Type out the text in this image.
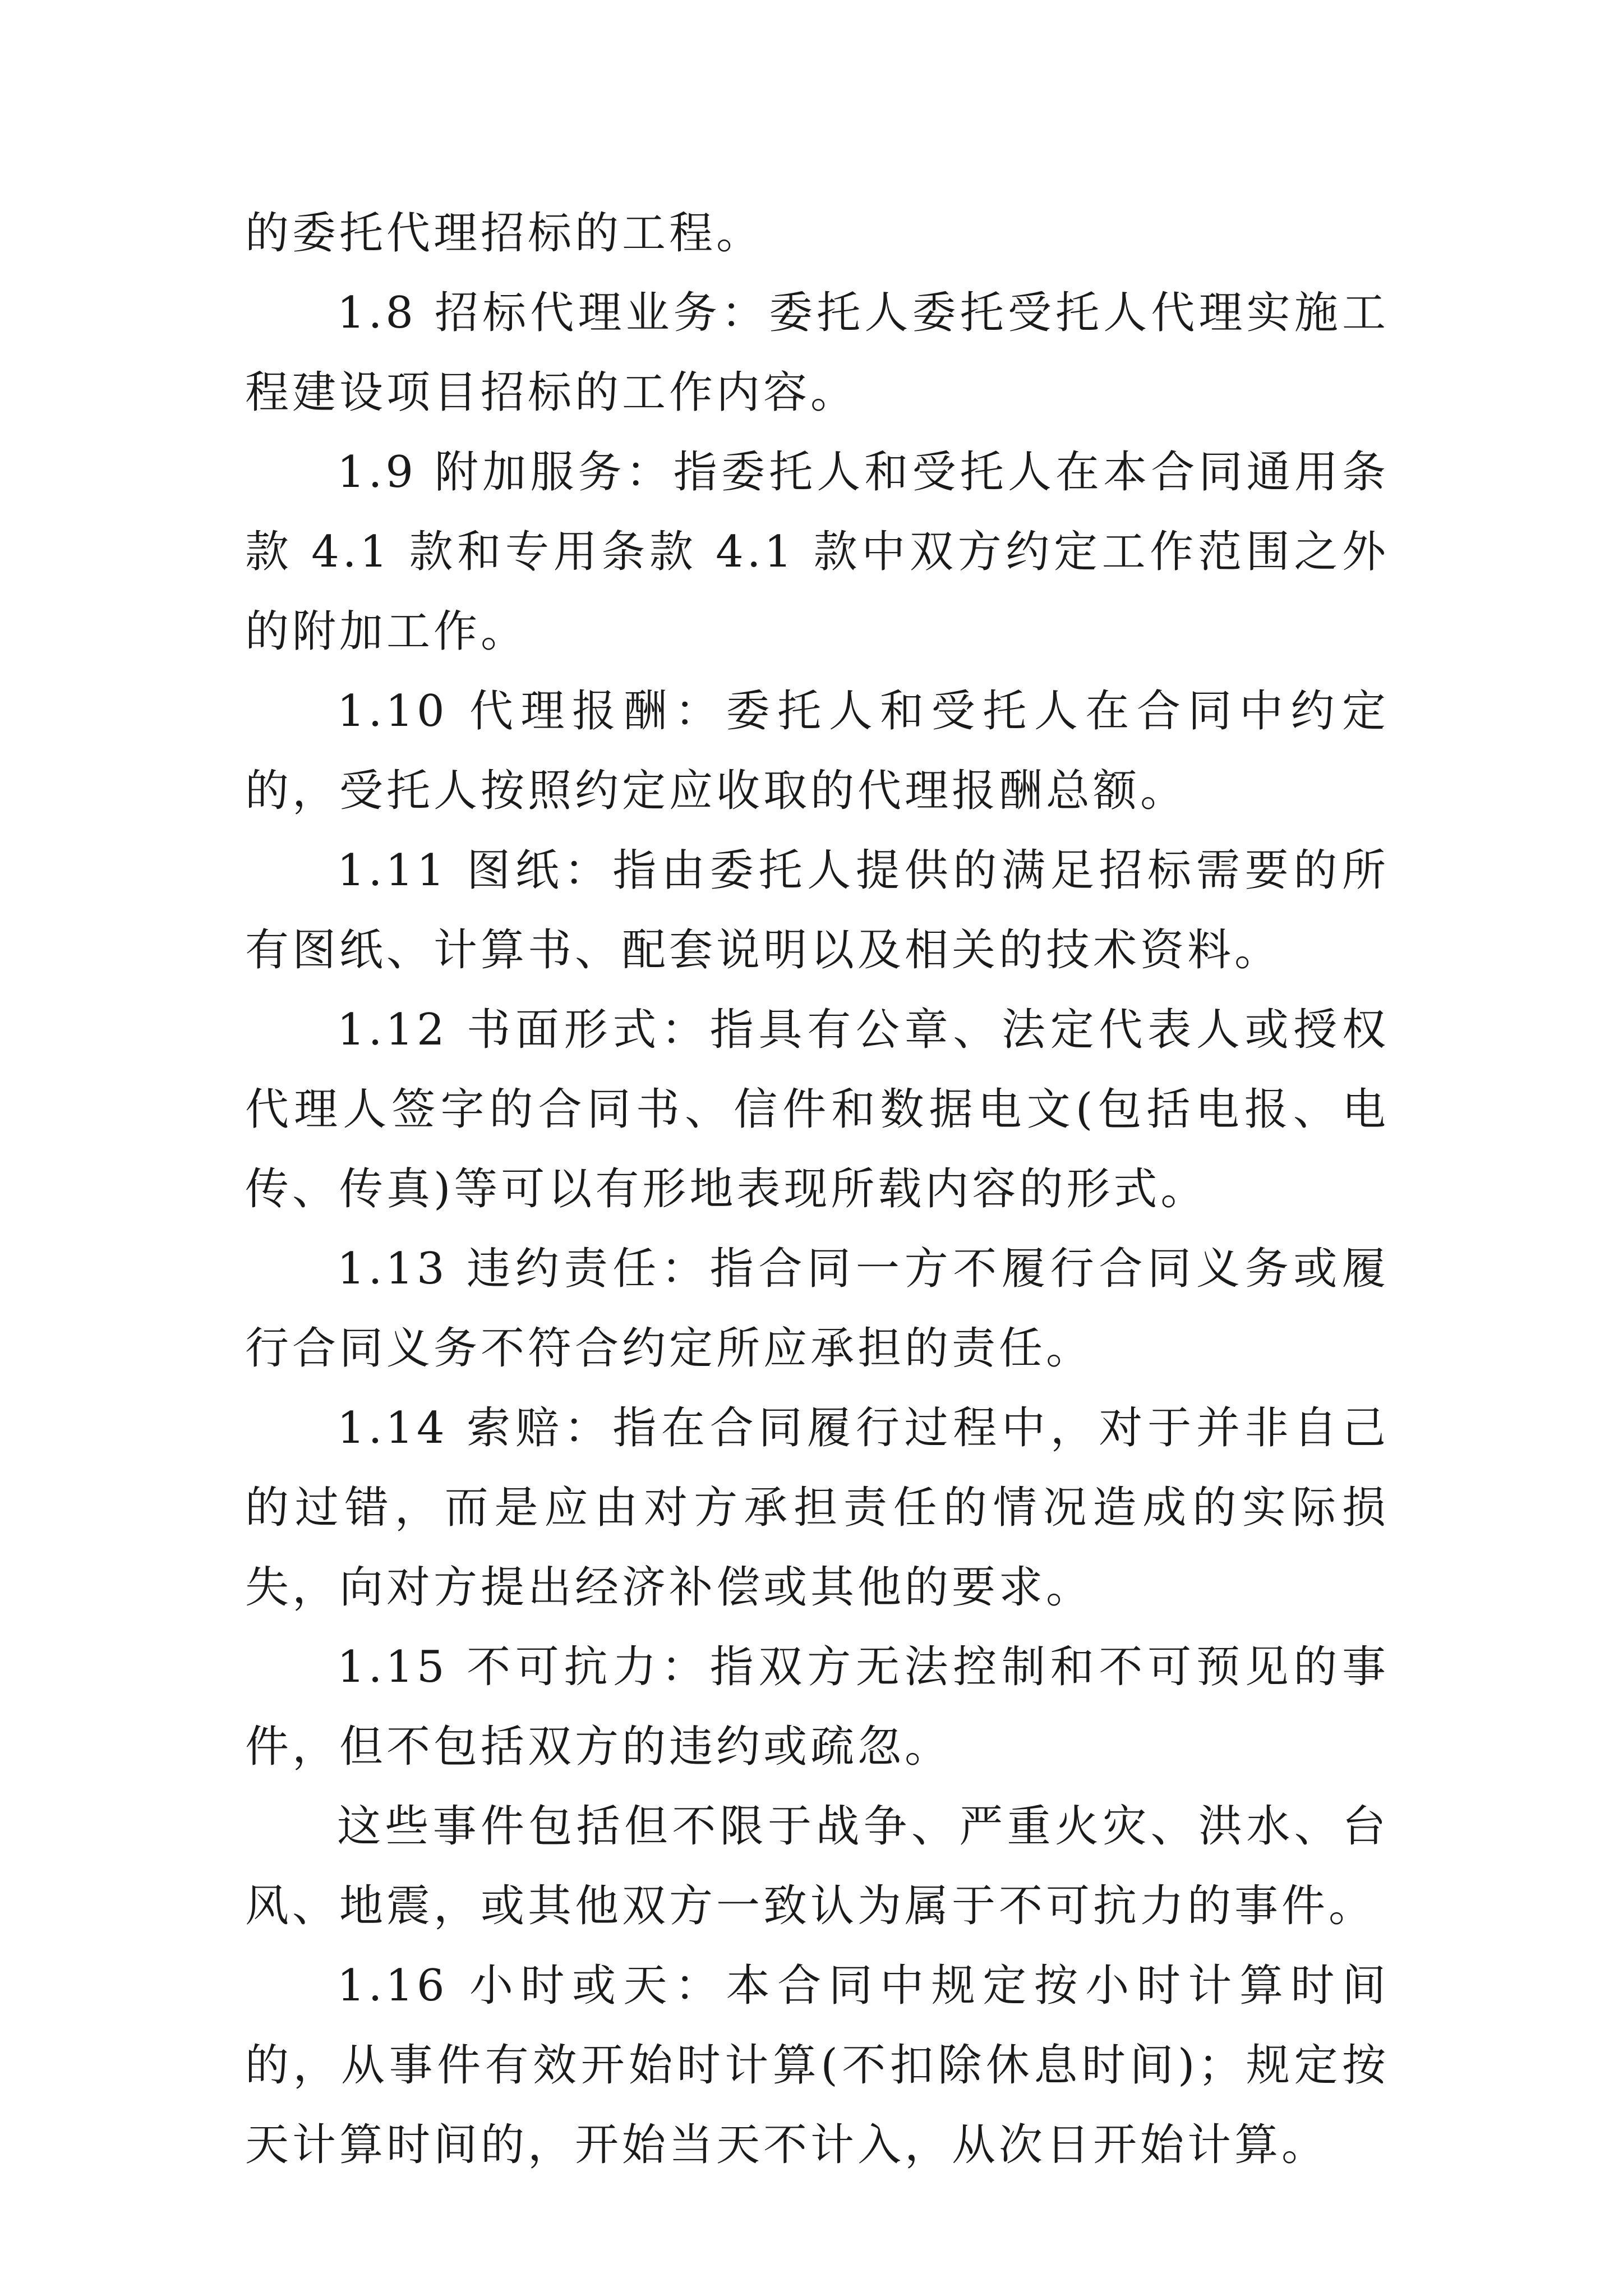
的委托代理招标的工程。

1.8 招标代理业务：委托人委托受托人代理实施工程建设项目招标的工作内容。

1.9 附加服务：指委托人和受托人在本合同通用条款 4.1 款和专用条款 4.1 款中双方约定工作范围之外的附加工作。

1.10 代理报酬：委托人和受托人在合同中约定的，受托人按照约定应收取的代理报酬总额。

1.11 图纸：指由委托人提供的满足招标需要的所有图纸、计算书、配套说明以及相关的技术资料。

1.12 书面形式：指具有公章、法定代表人或授权代理人签字的合同书、信件和数据电文(包括电报、电传、传真)等可以有形地表现所载内容的形式。

1.13 违约责任：指合同一方不履行合同义务或履行合同义务不符合约定所应承担的责任。

1.14 索赔：指在合同履行过程中，对于并非自己的过错，而是应由对方承担责任的情况造成的实际损失，向对方提出经济补偿或其他的要求。

1.15 不可抗力：指双方无法控制和不可预见的事件，但不包括双方的违约或疏忽。

这些事件包括但不限于战争、严重火灾、洪水、台风、地震，或其他双方一致认为属于不可抗力的事件。

1.16 小时或天：本合同中规定按小时计算时间的，从事件有效开始时计算(不扣除休息时间)；规定按天计算时间的，开始当天不计入，从次日开始计算。
